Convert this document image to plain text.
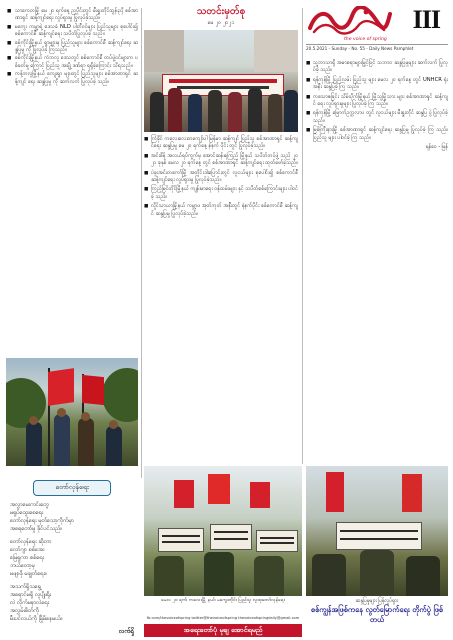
■ သာကေတမြို့ မေ ၂၀ ရက်နေ့ ညပိုင်းတွင် မီးရှူးတိုင်ထွန်းညှိ စစ်အာဏာရှင် ဆန့်ကျင်ရေး လှုပ်ရှားမှု ပြုလုပ်ခဲ့သည်။
■ မကွေး ကမ္ဘာ့ရဲ့ ဒေသခံ NLD ပါတီဝင်များ ပြည်သူများ စုပေါင်း၍ စစ်ကောင်စီ ဆန့်ကျင်ရေး သပိတ်ပြုလုပ်ခဲ့ သည်။
■ စစ်ကိုင်းမြို့နယ် ရွာများမှ ပြည်သူများ စစ်ကောင်စီ ဆန့်ကျင်ရေး ဆန္ဒပြမှု ကို ပြုလုပ်ခဲ့ ကြသည်။
■ စစ်ကိုင်းမြို့နယ် ကံဘလူ ဒေသတွင် စစ်ကောင်စီ တပ်ဖွဲ့ဝင်များက ပစ်ခတ်မှု ကြောင့် ပြည်သူ အချို့ ဒဏ်ရာ ရရှိခဲ့ကြောင်း သိရသည်။
■ ကန့်ဘလူမြို့နယ် ကျေးရွာ များတွင် ပြည်သူများ စစ်အာဏာရှင် ဆန့်ကျင် ရေး ဆန္ဒပြမှု ကို ဆက်လက် ပြုလုပ်ခဲ့ သည်။
တော်လှန်ရေး
အလွှာမေးကင်းတွေ
မရှုပ်ထွေးစေရေး
တော်လှန်ရေး မုတ်သော့ကိုက်မှာ
အရေတော်မှု ခိုင်ပင်သည်။
တော်လှန်ရေး ဆိုတာ
လော်ဂျာ စစ်အေး
မြေရှုကာ စစ်ရေး
ဘယ်တော့မှ
မဖျာဖို မချွတ်ရေး။
အသက်ရှိသရွေ့
အရောင်မရှိ လူပျိုးရိုး
လဲ လိုက်မနာလဲရေး
အလွှမ်းစိတ်ကို
မီးပင်လယ်ကို မြိုမိနေမယ်။
လက်ရှိ
သတင်းမှတ်စု
မေ ၂၀ ၂၀၂၁

■ ကြံခိုင် ကလေးလေးတကျော်ပါ မြန်မာ ဆန့်ကျင် ပြည်သူ စစ်အာဏာရှင် ဆန့်ကျင်ရေး ဆန္ဒပြမှု မေ ၂၀ ရက်နေ့ နံနက် ပိုင်း တွင် ပြုလုပ်ခဲ့သည်။

■ အင်းစိန် အလယ်ရပ်ကွက်မှ အောင်ဆန်းစုကြည် မြို့နယ် သပိတ်တပ်ဖွဲ့ သည် ၂၀၂၁ ခုနှစ် မေလ ၂၀ ရက်နေ့ တွင် စစ်အာဏာရှင် ဆန့်ကျင်ရေး ထုတ်ဖော်ခဲ့သည်။

■ ပဲခူးအင်းတကော်မြို့ အတိုင်းဒါးပြောင်းတွင် လူငယ်များ စုပေါင်း၍ စစ်ကောင်စီ ဆန့်ကျင်ရေး လှုပ်ရှားမှု ပြုလုပ်ခဲ့သည်။

■ ကြည့်မြင်တိုင်မြို့နယ် ကျန်းမာရေး ဝန်ထမ်းများ နှင့် သပိတ်စစ်ကြောင်းများ ပါဝင်ခဲ့ သည်။

■ လှိုင်သာယာမြို့နယ် ကမ္ဘာ့ဖ အုတ်ကုတ် အနီးတွင် နံနက်ပိုင်း စစ်ကောင်စီ ဆန့်ကျင် ဆန္ဒပြမှု ပြုလုပ်ခဲ့သည်။

the voice of spring
III
20.5.2021 - Sunday - No. 55 - Daily News Pamphlet

■ သူ့ဘာသာရှိ အမာစရာများမြှင့်ပြင် သဘာဝ ဆန္ဒပြမှုများ ဆက်လက် ပြုလုပ်ခဲ့ သည်။

■ ရန်ကုန်မြို့ ပြည်လမ်း ပြည်သူ များ မေလ ၂၀ ရက်နေ့ တွင် UNHCR ရုံးအနီး ဆန္ဒပြခဲ့ ကြ သည်။

■ ကသောဇခြင်း သိမ်းပိုက်မြို့နယ် မြို့သူမြို့သား များ စစ်အာဏာရှင် ဆန့်ကျင် ရေး လှုပ်ရှားမှုများ ပြုလုပ်ခဲ့ ကြ သည်။

■ ရန်ကုန်မြို့ မြောက်ဥက္ကလာပ တွင် လူငယ်များ မီးရှူးတိုင် ဆန္ဒပြ ပွဲ ပြုလုပ်ခဲ့ သည်။

■ မြစ်ကြီးနားမြို့ စစ်အာဏာရှင် ဆန့်ကျင်ရေး ဆန္ဒပြမှု ပြုလုပ်ခဲ့ ကြ သည်။ ပြည်သူ များ ပါဝင်ခဲ့ ကြ သည်။

ရန်ဝေ - မြန်
မေလ ၂၀ ရက်၊ ကလေးမြို့ နယ်၊ မကွေးတိုင်း ပြည်သူ လူထုတော်လှန်ရေး	ဆန္ဒပြမှုများ ပြန်လှုပ်ရှား
စစ်ကျွန်အဖြစ်ကနေ လွတ်မြောက်ရေး တိုက်ပွဲ ဖြစ်တယ်
fb.com/thevoiceofspring twitter@thevoiceofspring thevoiceofspringdaily@gmail.com
အရေးတော်ပုံ မုချ အောင်ရမည်
